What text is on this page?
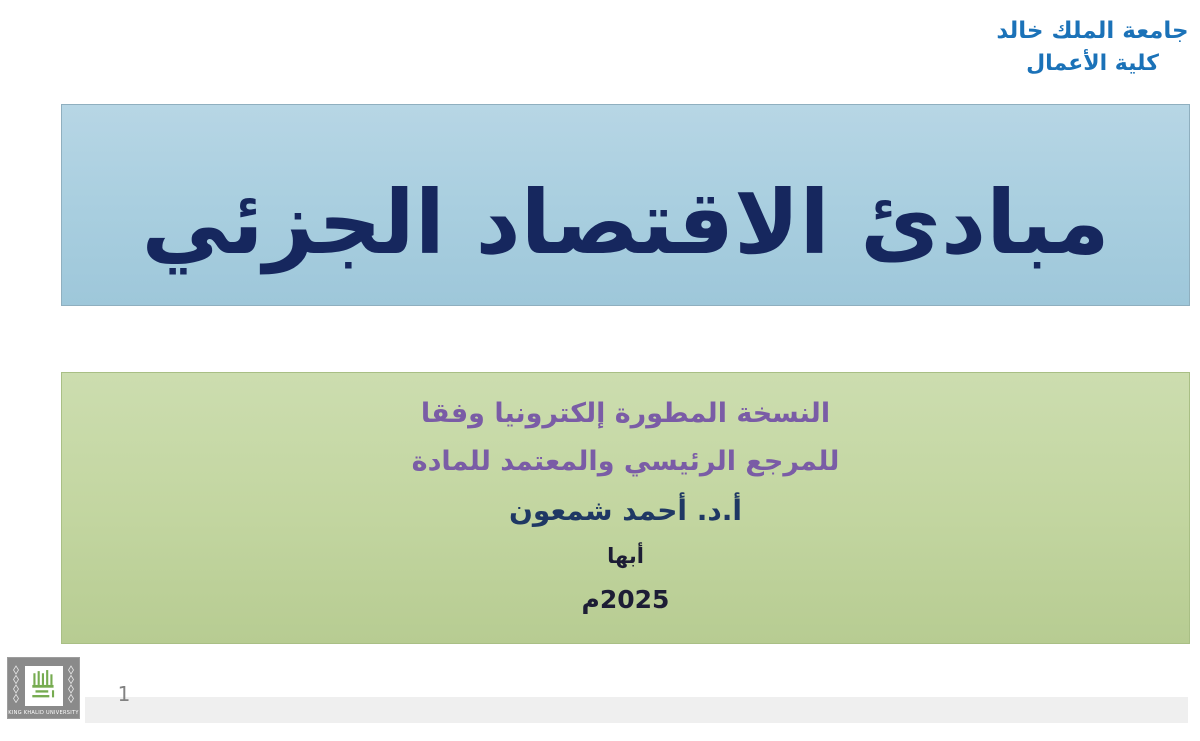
جامعة الملك خالد
كلية الأعمال
مبادئ الاقتصاد الجزئي
النسخة المطورة إلكترونيا وفقا
للمرجع الرئيسي والمعتمد للمادة
أ.د. أحمد شمعون
أبها
2025م
1
KING KHALID UNIVERSITY
